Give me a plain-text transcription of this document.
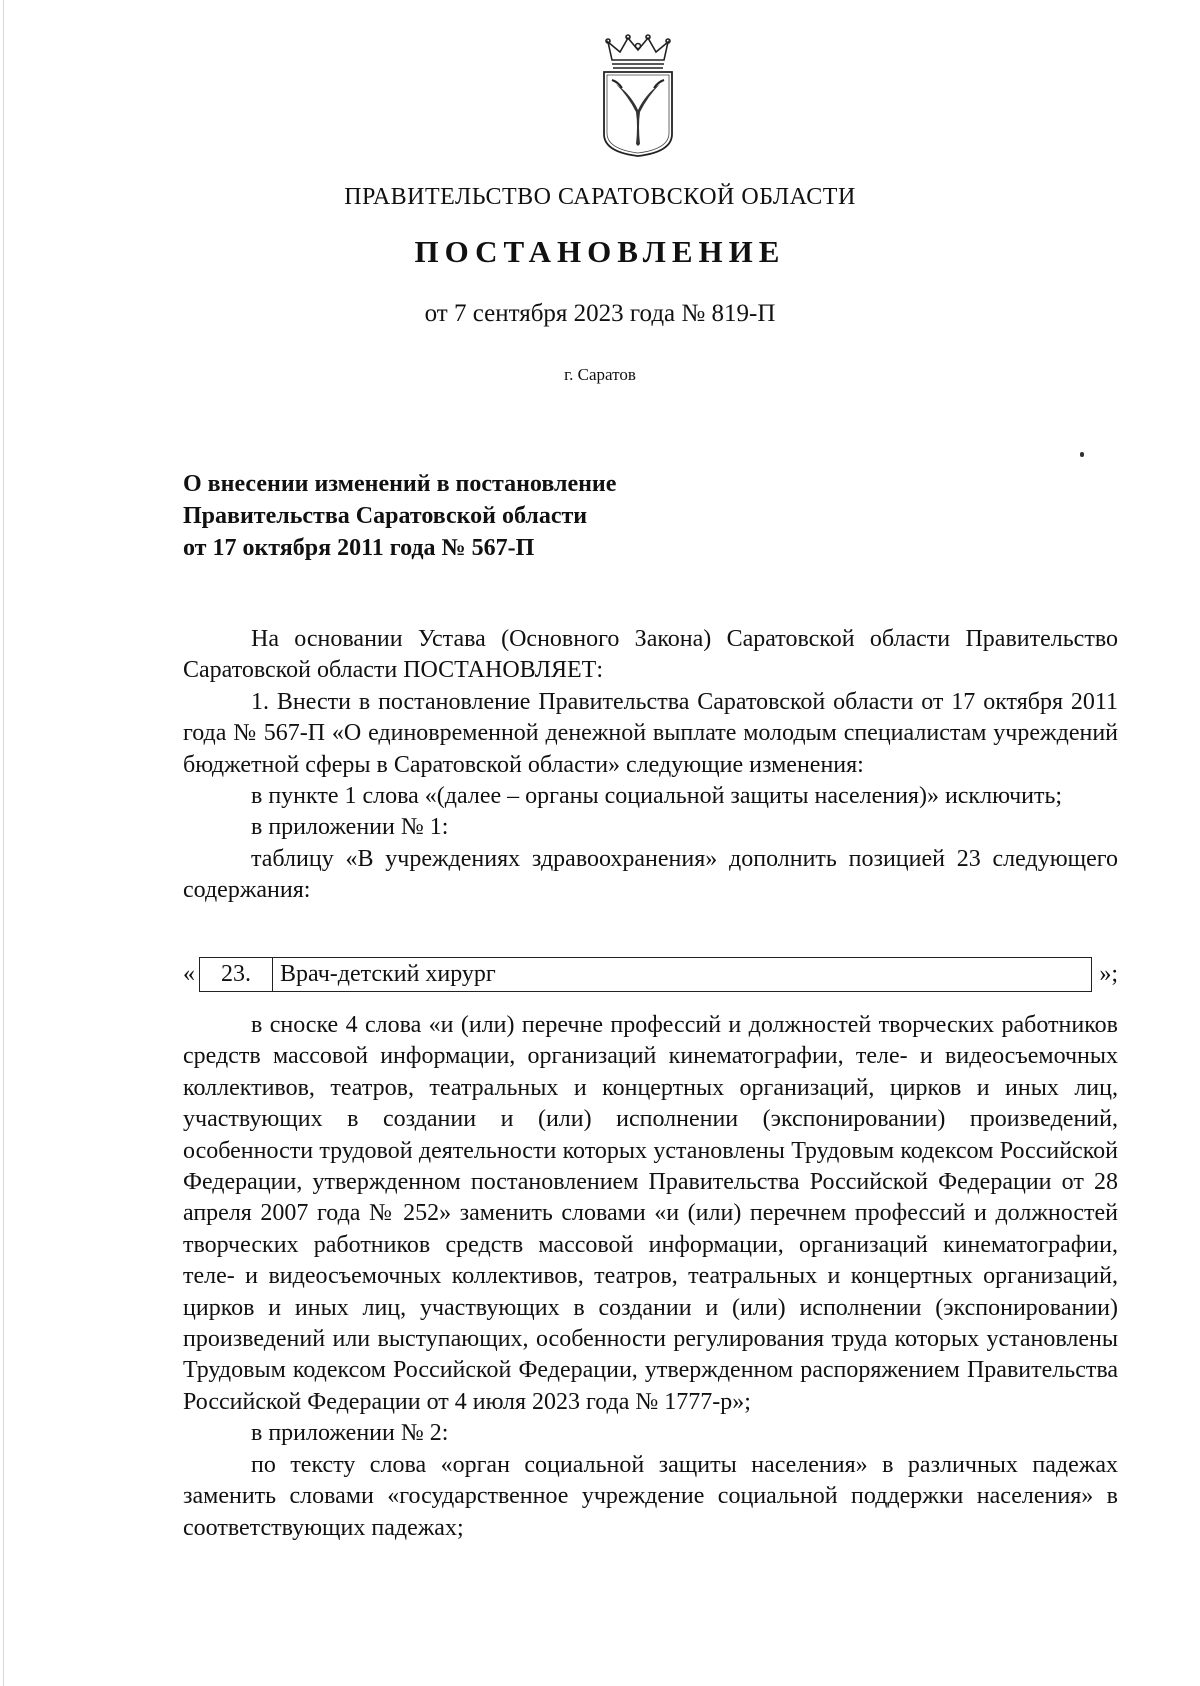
ПРАВИТЕЛЬСТВО САРАТОВСКОЙ ОБЛАСТИ
ПОСТАНОВЛЕНИЕ
от 7 сентября 2023 года № 819-П
г. Саратов
О внесении изменений в постановление
Правительства Саратовской области
от 17 октября 2011 года № 567-П

На основании Устава (Основного Закона) Саратовской области Правительство Саратовской области ПОСТАНОВЛЯЕТ:

1. Внести в постановление Правительства Саратовской области от 17 октября 2011 года № 567-П «О единовременной денежной выплате молодым специалистам учреждений бюджетной сферы в Саратовской области» следующие изменения:

в пункте 1 слова «(далее – органы социальной защиты населения)» исключить;

в приложении № 1:

таблицу «В учреждениях здравоохранения» дополнить позицией 23 следующего содержания:

«	23.	Врач-детский хирург	»;

в сноске 4 слова «и (или) перечне профессий и должностей творческих работников средств массовой информации, организаций кинематографии, теле- и видеосъемочных коллективов, театров, театральных и концертных организаций, цирков и иных лиц, участвующих в создании и (или) исполнении (экспонировании) произведений, особенности трудовой деятельности которых установлены Трудовым кодексом Российской Федерации, утвержденном постановлением Правительства Российской Федерации от 28 апреля 2007 года № 252» заменить словами «и (или) перечнем профессий и должностей творческих работников средств массовой информации, организаций кинематографии, теле- и видеосъемочных коллективов, театров, театральных и концертных организаций, цирков и иных лиц, участвующих в создании и (или) исполнении (экспонировании) произведений или выступающих, особенности регулирования труда которых установлены Трудовым кодексом Российской Федерации, утвержденном распоряжением Правительства Российской Федерации от 4 июля 2023 года № 1777-р»;

в приложении № 2:

по тексту слова «орган социальной защиты населения» в различных падежах заменить словами «государственное учреждение социальной поддержки населения» в соответствующих падежах;
